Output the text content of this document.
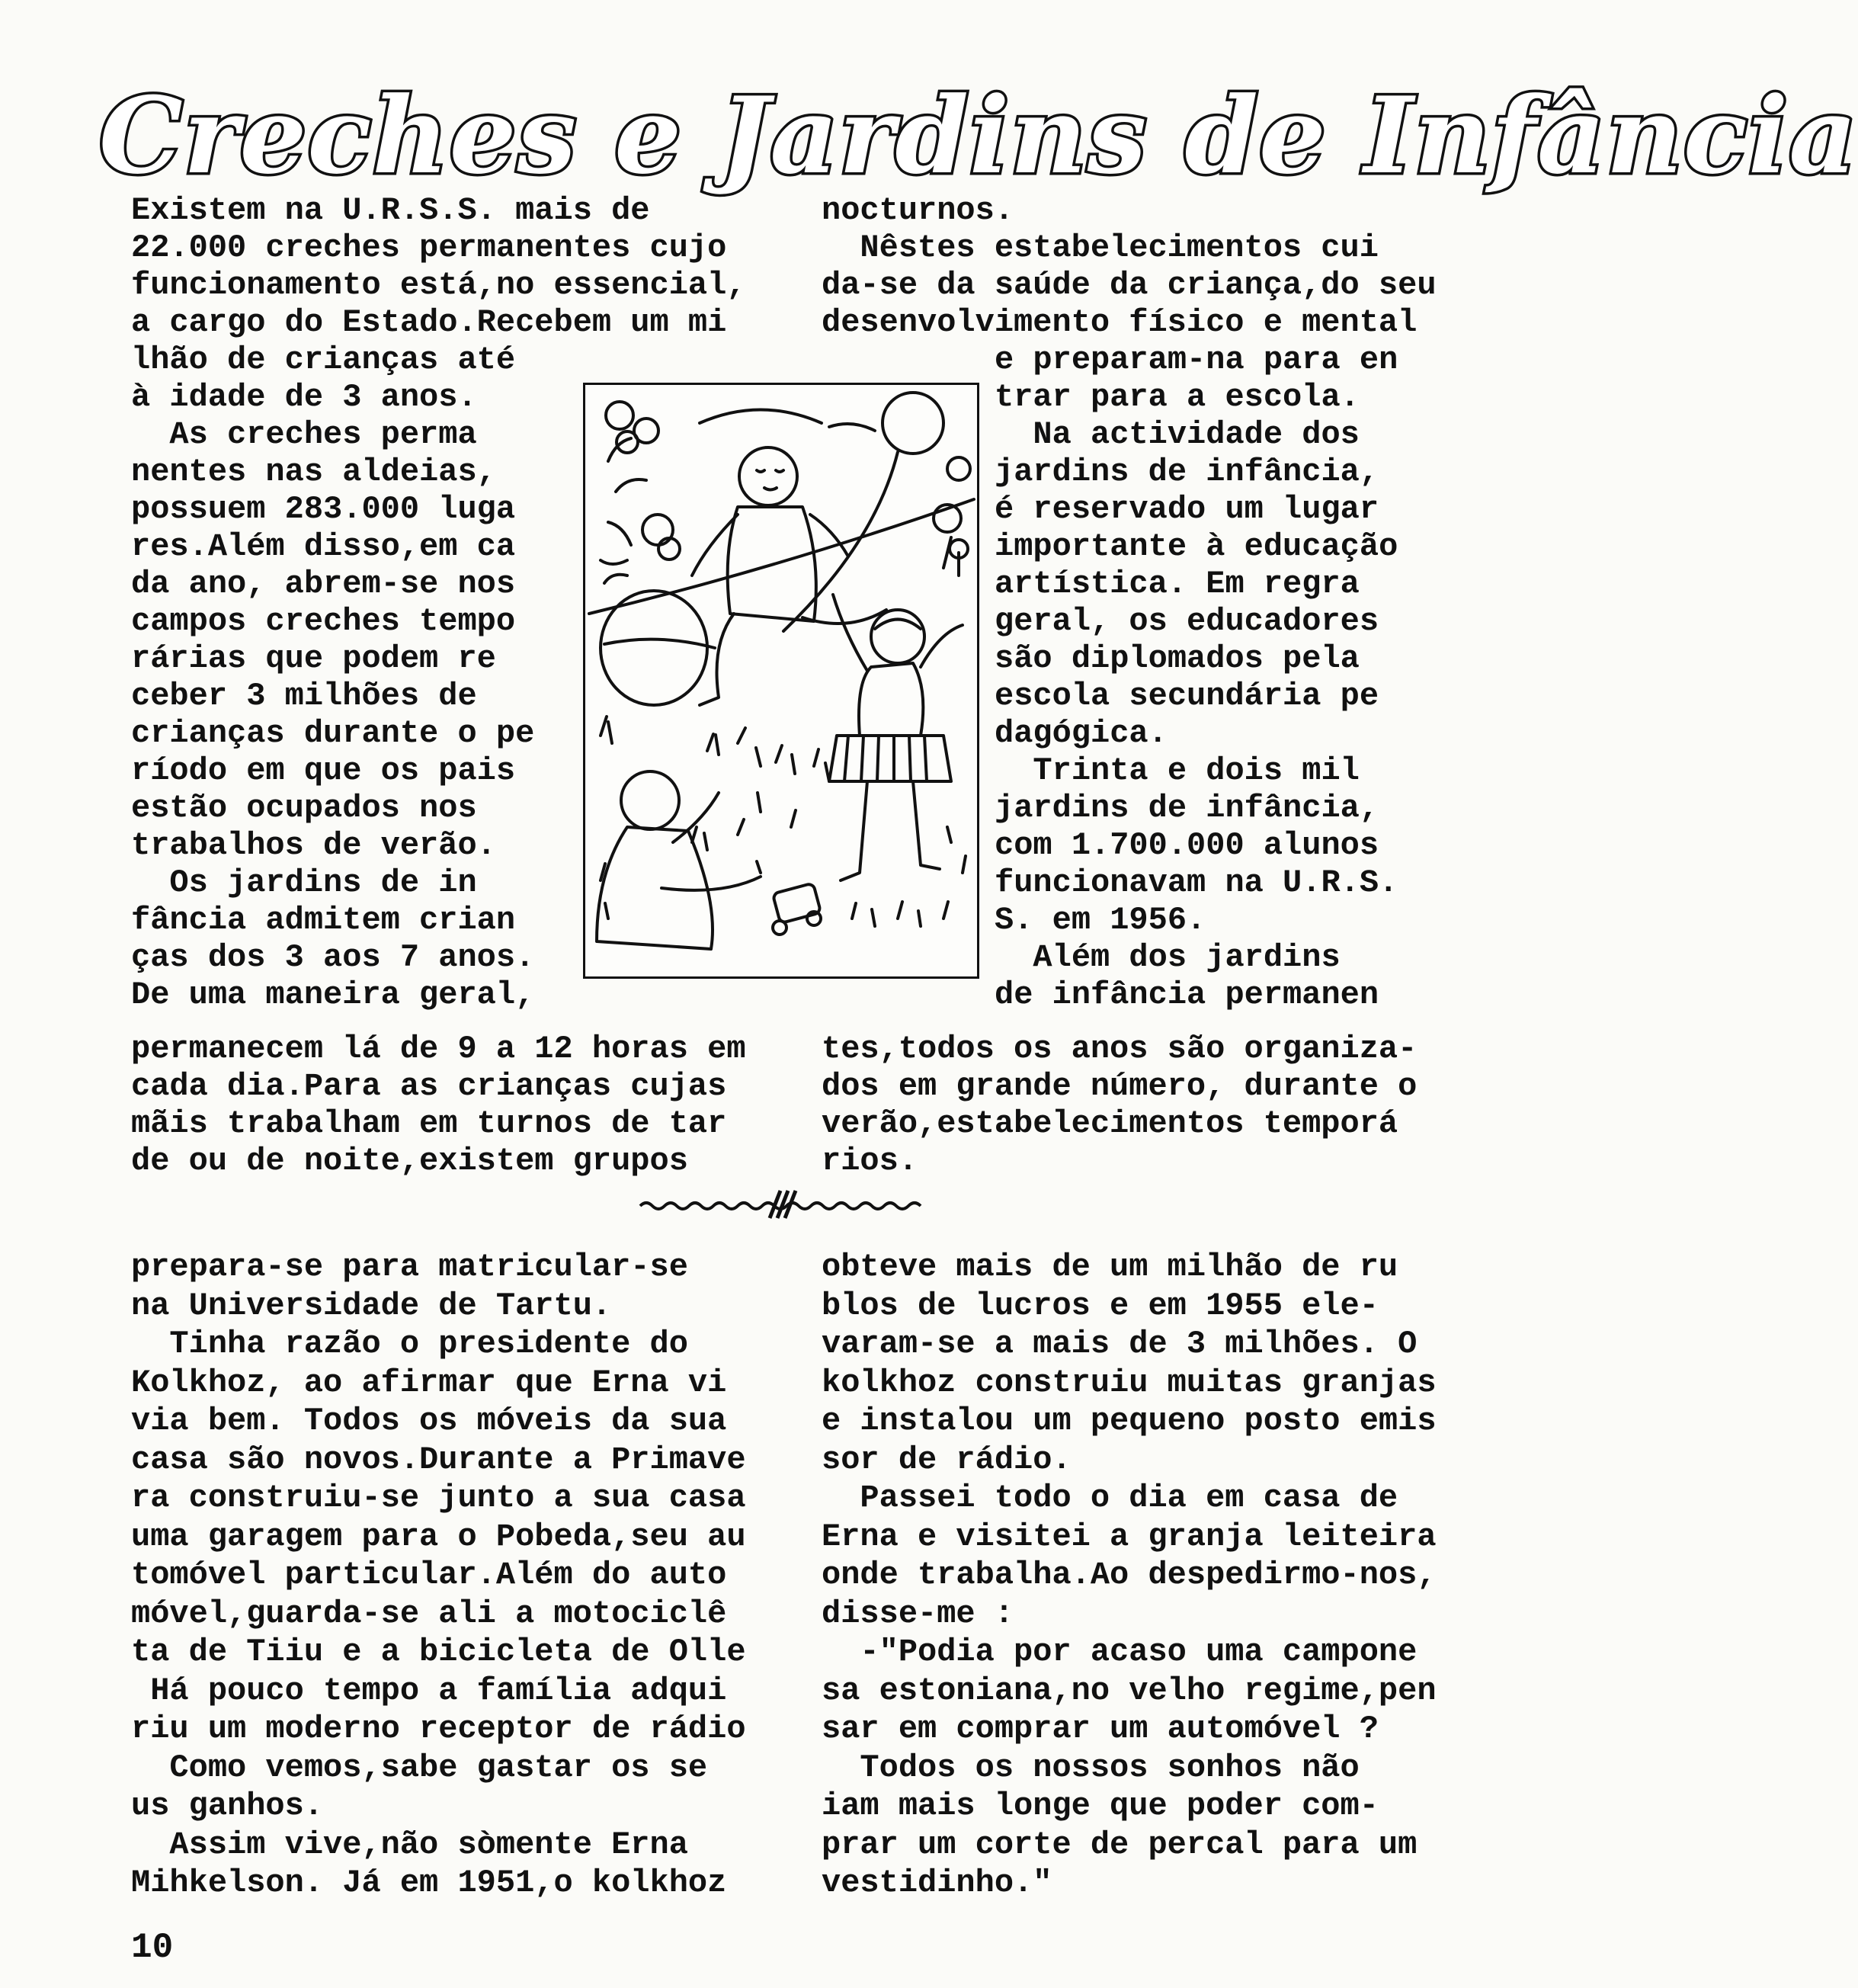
Creches e Jardins de Infância
Existem na U.R.S.S. mais de
22.000 creches permanentes cujo
funcionamento está,no essencial,
a cargo do Estado.Recebem um mi
lhão de crianças até
à idade de 3 anos.
As creches perma
nentes nas aldeias,
possuem 283.000 luga
res.Além disso,em ca
da ano, abrem-se nos
campos creches tempo
rárias que podem re
ceber 3 milhões de
crianças durante o pe
ríodo em que os pais
estão ocupados nos
trabalhos de verão.
Os jardins de in
fância admitem crian
ças dos 3 aos 7 anos.
De uma maneira geral,
permanecem lá de 9 a 12 horas em
cada dia.Para as crianças cujas
mãis trabalham em turnos de tar
de ou de noite,existem grupos
nocturnos.
Nêstes estabelecimentos cui
da-se da saúde da criança,do seu
desenvolvimento físico e mental
e preparam-na para en
trar para a escola.
Na actividade dos
jardins de infância,
é reservado um lugar
importante à educação
artística. Em regra
geral, os educadores
são diplomados pela
escola secundária pe
dagógica.
Trinta e dois mil
jardins de infância,
com 1.700.000 alunos
funcionavam na U.R.S.
S. em 1956.
Além dos jardins
de infância permanen
tes,todos os anos são organiza-
dos em grande número, durante o
verão,estabelecimentos temporá
rios.
prepara-se para matricular-se
na Universidade de Tartu.
Tinha razão o presidente do
Kolkhoz, ao afirmar que Erna vi
via bem. Todos os móveis da sua
casa são novos.Durante a Primave
ra construiu-se junto a sua casa
uma garagem para o Pobeda,seu au
tomóvel particular.Além do auto
móvel,guarda-se ali a motociclê
ta de Tiiu e a bicicleta de Olle
Há pouco tempo a família adqui
riu um moderno receptor de rádio
Como vemos,sabe gastar os se
us ganhos.
Assim vive,não sòmente Erna
Mihkelson. Já em 1951,o kolkhoz
obteve mais de um milhão de ru
blos de lucros e em 1955 ele-
varam-se a mais de 3 milhões. O
kolkhoz construiu muitas granjas
e instalou um pequeno posto emis
sor de rádio.
Passei todo o dia em casa de
Erna e visitei a granja leiteira
onde trabalha.Ao despedirmo-nos,
disse-me :
-"Podia por acaso uma campone
sa estoniana,no velho regime,pen
sar em comprar um automóvel ?
Todos os nossos sonhos não
iam mais longe que poder com-
prar um corte de percal para um
vestidinho."
10
